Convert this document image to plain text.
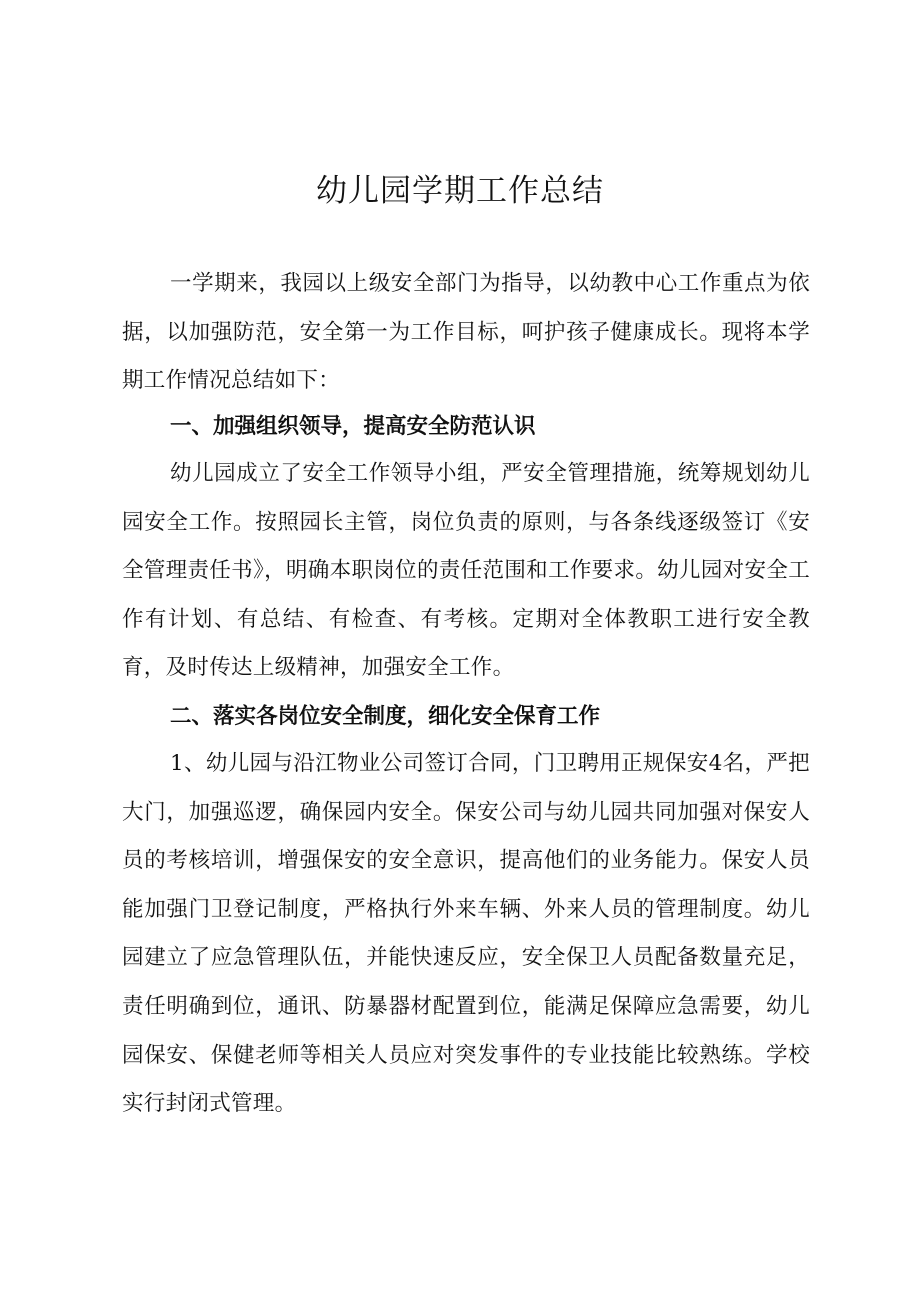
幼儿园学期工作总结

一学期来，我园以上级安全部门为指导，以幼教中心工作重点为依据，以加强防范，安全第一为工作目标，呵护孩子健康成长。现将本学期工作情况总结如下：

一、加强组织领导，提高安全防范认识

幼儿园成立了安全工作领导小组，严安全管理措施，统筹规划幼儿园安全工作。按照园长主管，岗位负责的原则，与各条线逐级签订《安全管理责任书》，明确本职岗位的责任范围和工作要求。幼儿园对安全工作有计划、有总结、有检查、有考核。定期对全体教职工进行安全教育，及时传达上级精神，加强安全工作。

二、落实各岗位安全制度，细化安全保育工作

1、幼儿园与沿江物业公司签订合同，门卫聘用正规保安4名，严把大门，加强巡逻，确保园内安全。保安公司与幼儿园共同加强对保安人员的考核培训，增强保安的安全意识，提高他们的业务能力。保安人员能加强门卫登记制度，严格执行外来车辆、外来人员的管理制度。幼儿园建立了应急管理队伍，并能快速反应，安全保卫人员配备数量充足，责任明确到位，通讯、防暴器材配置到位，能满足保障应急需要，幼儿园保安、保健老师等相关人员应对突发事件的专业技能比较熟练。学校实行封闭式管理。
